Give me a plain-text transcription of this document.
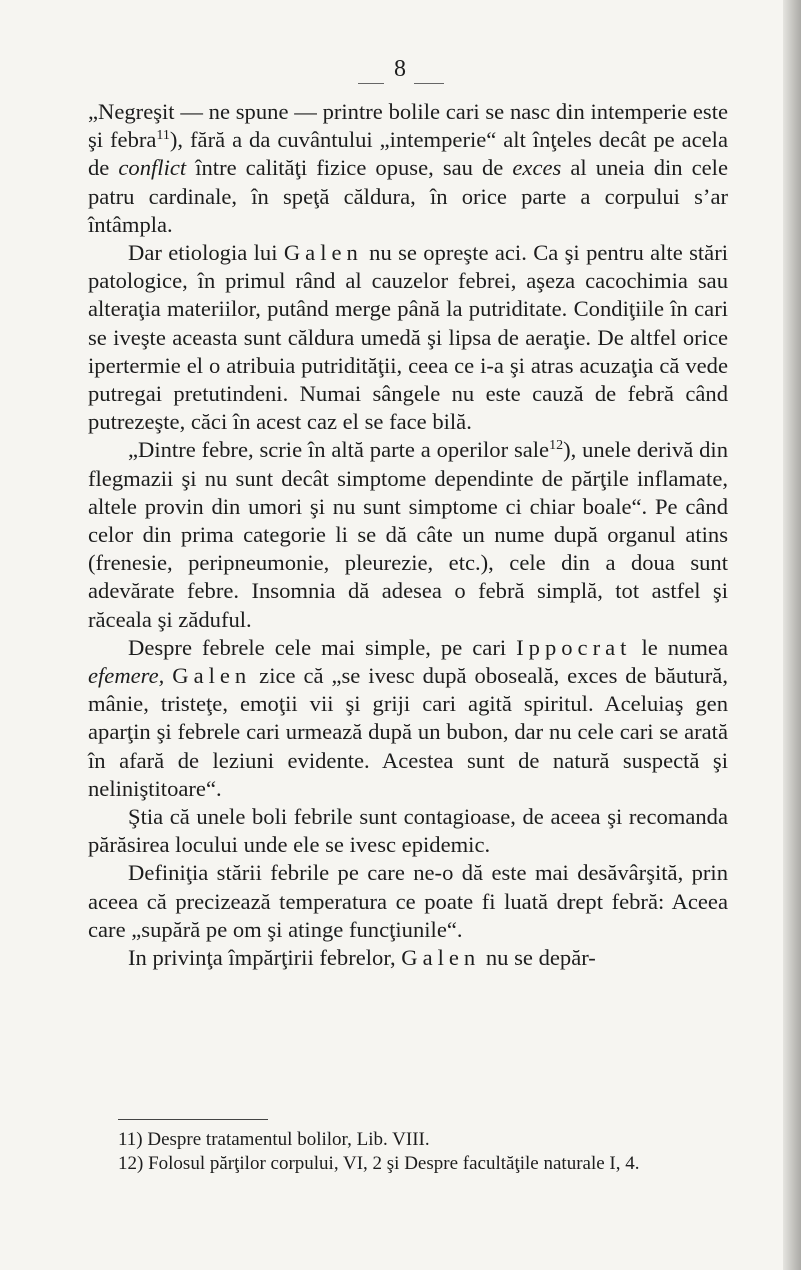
8

„Negreşit — ne spune — printre bolile cari se nasc din intemperie este şi febra$^{11}$), fără a da cuvântului „intemperie“ alt înţeles decât pe acela de conflict între calităţi fizice opuse, sau de exces al uneia din cele patru cardinale, în speţă căldura, în orice parte a corpului s’ar întâmpla.

Dar etiologia lui Galen nu se opreşte aci. Ca şi pentru alte stări patologice, în primul rând al cauzelor febrei, aşeza cacochimia sau alteraţia materiilor, putând merge până la putriditate. Condiţiile în cari se iveşte aceasta sunt căldura umedă şi lipsa de aeraţie. De altfel orice ipertermie el o atribuia putridităţii, ceea ce i-a şi atras acuzaţia că vede putregai pretutindeni. Numai sângele nu este cauză de febră când putrezeşte, căci în acest caz el se face bilă.

„Dintre febre, scrie în altă parte a operilor sale$^{12}$), unele derivă din flegmazii şi nu sunt decât simptome dependinte de părţile inflamate, altele provin din umori şi nu sunt simptome ci chiar boale“. Pe când celor din prima categorie li se dă câte un nume după organul atins (frenesie, peripneumonie, pleurezie, etc.), cele din a doua sunt adevărate febre. Insomnia dă adesea o febră simplă, tot astfel şi răceala şi zăduful.

Despre febrele cele mai simple, pe cari Ippocrat le numea efemere, Galen zice că „se ivesc după oboseală, exces de băutură, mânie, tristeţe, emoţii vii şi griji cari agită spiritul. Aceluiaş gen aparţin şi febrele cari urmează după un bubon, dar nu cele cari se arată în afară de leziuni evidente. Acestea sunt de natură suspectă şi neliniştitoare“.

Ştia că unele boli febrile sunt contagioase, de aceea şi recomanda părăsirea locului unde ele se ivesc epidemic.

Definiţia stării febrile pe care ne-o dă este mai desăvârşită, prin aceea că precizează temperatura ce poate fi luată drept febră: Aceea care „supără pe om şi atinge funcţiunile“.

In privinţa împărţirii febrelor, Galen nu se depăr-

11) Despre tratamentul bolilor, Lib. VIII.

12) Folosul părţilor corpului, VI, 2 şi Despre facultăţile naturale I, 4.
